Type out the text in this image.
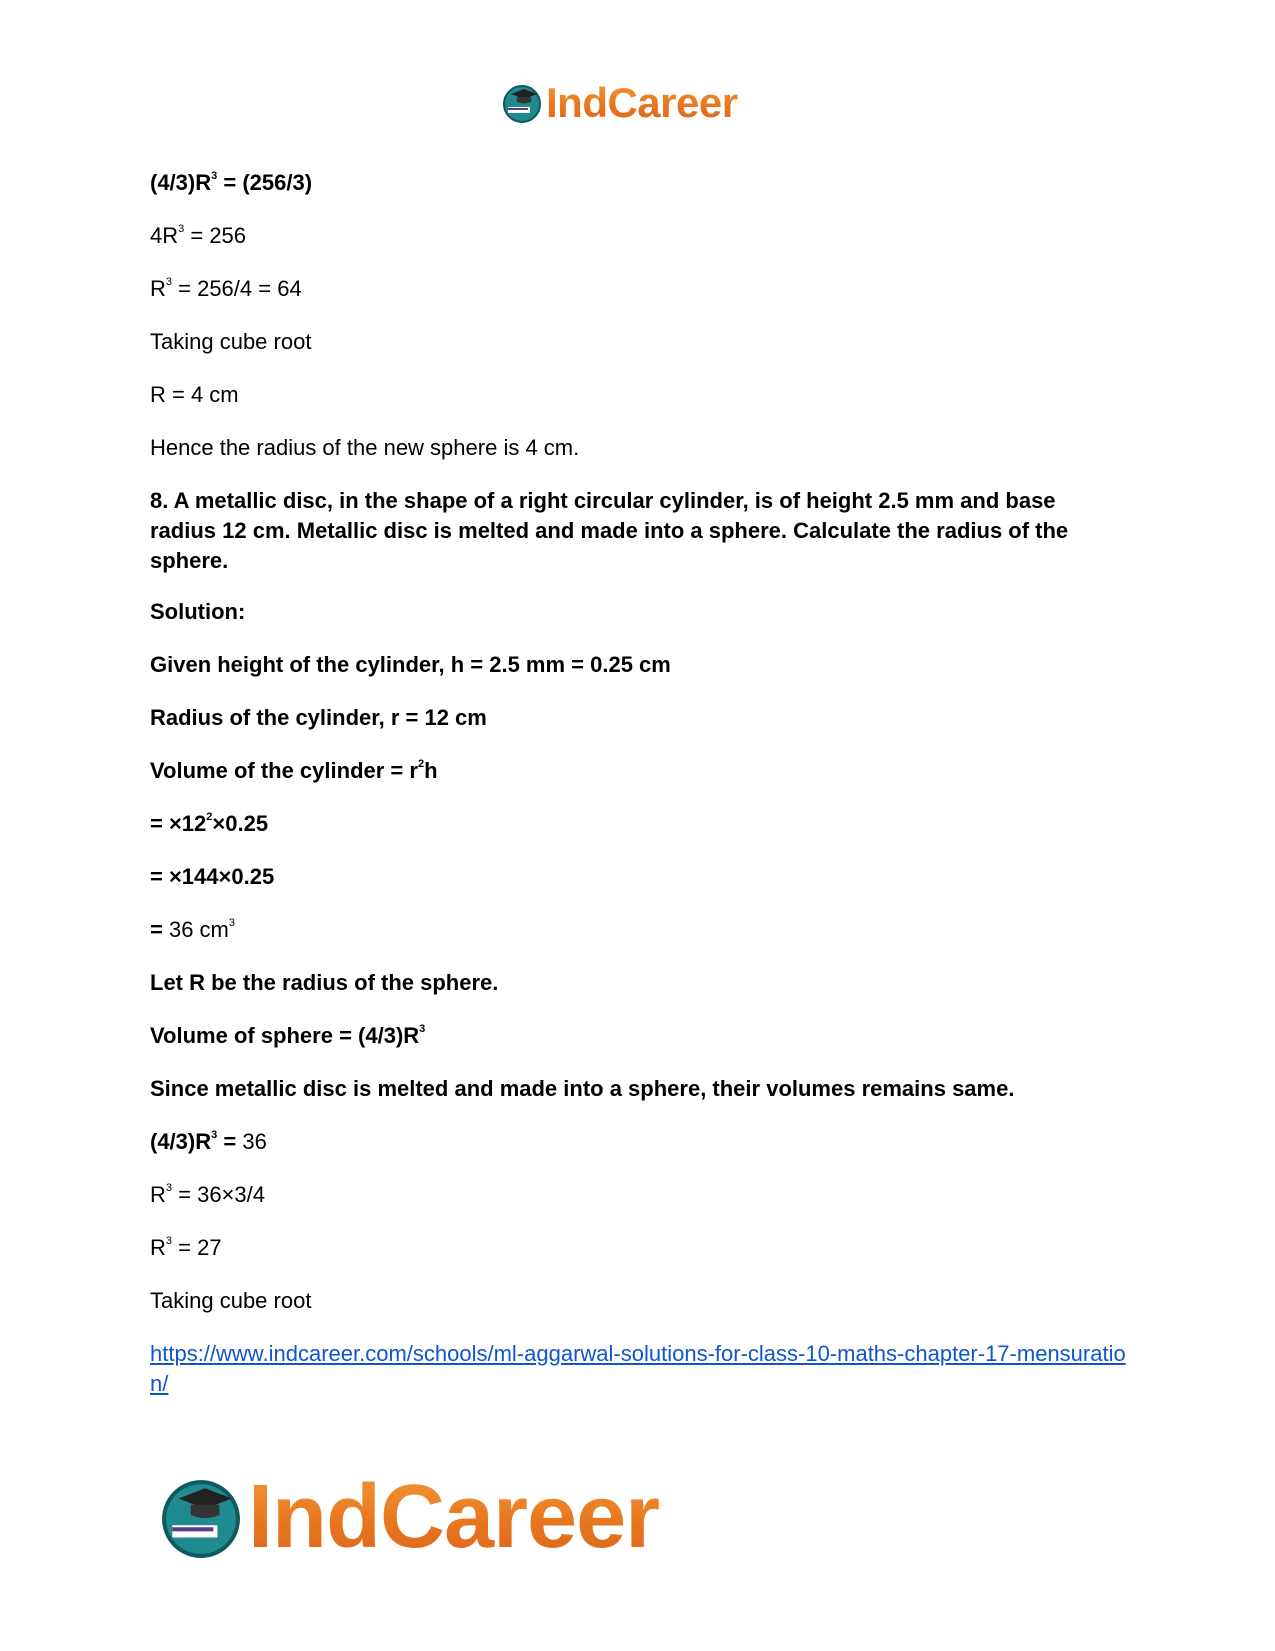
IndCareer
$(4/3)R^3 = (256/3)$
$4R^3 = 256$
$R^3 = 256/4 = 64$
Taking cube root
R = 4 cm
Hence the radius of the new sphere is 4 cm.
8. A metallic disc, in the shape of a right circular cylinder, is of height 2.5 mm and base radius 12 cm. Metallic disc is melted and made into a sphere. Calculate the radius of the sphere.
Solution:
Given height of the cylinder, h = 2.5 mm = 0.25 cm
Radius of the cylinder, r = 12 cm
Volume of the cylinder = $r^2h$
= $\times 12^2\times 0.25$
= ×144×0.25
= 36 $cm^3$
Let R be the radius of the sphere.
Volume of sphere = $(4/3)R^3$
Since metallic disc is melted and made into a sphere, their volumes remains same.
$(4/3)R^3 = 36$
$R^3 = 36\times 3/4$
$R^3 = 27$
Taking cube root
https://www.indcareer.com/schools/ml-aggarwal-solutions-for-class-10-maths-chapter-17-mensuration/
IndCareer
